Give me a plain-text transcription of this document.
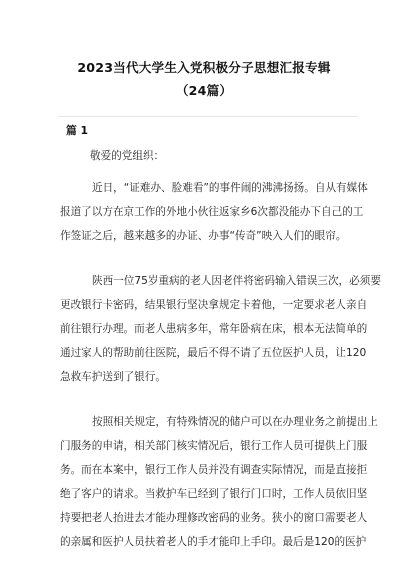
2023当代大学生入党积极分子思想汇报专辑
（24篇）
篇 1
敬爱的党组织：
近日，“证难办、脸难看”的事件闹的沸沸扬扬。自从有媒体
报道了以方在京工作的外地小伙往返家乡6次都没能办下自己的工
作签证之后，越来越多的办证、办事“传奇”映入人们的眼帘。
陕西一位75岁重病的老人因老伴将密码输入错误三次，必须要
更改银行卡密码，结果银行坚决拿规定卡着他，一定要求老人亲自
前往银行办理。而老人患病多年，常年卧病在床，根本无法简单的
通过家人的帮助前往医院，最后不得不请了五位医护人员，让120
急救车护送到了银行。
按照相关规定，有特殊情况的储户可以在办理业务之前提出上
门服务的申请，相关部门核实情况后，银行工作人员可提供上门服
务。而在本案中，银行工作人员并没有调查实际情况，而是直接拒
绝了客户的请求。当救护车已经到了银行门口时，工作人员依旧坚
持要把老人抬进去才能办理修改密码的业务。狭小的窗口需要老人
的亲属和医护人员扶着老人的手才能印上手印。最后是120的医护
